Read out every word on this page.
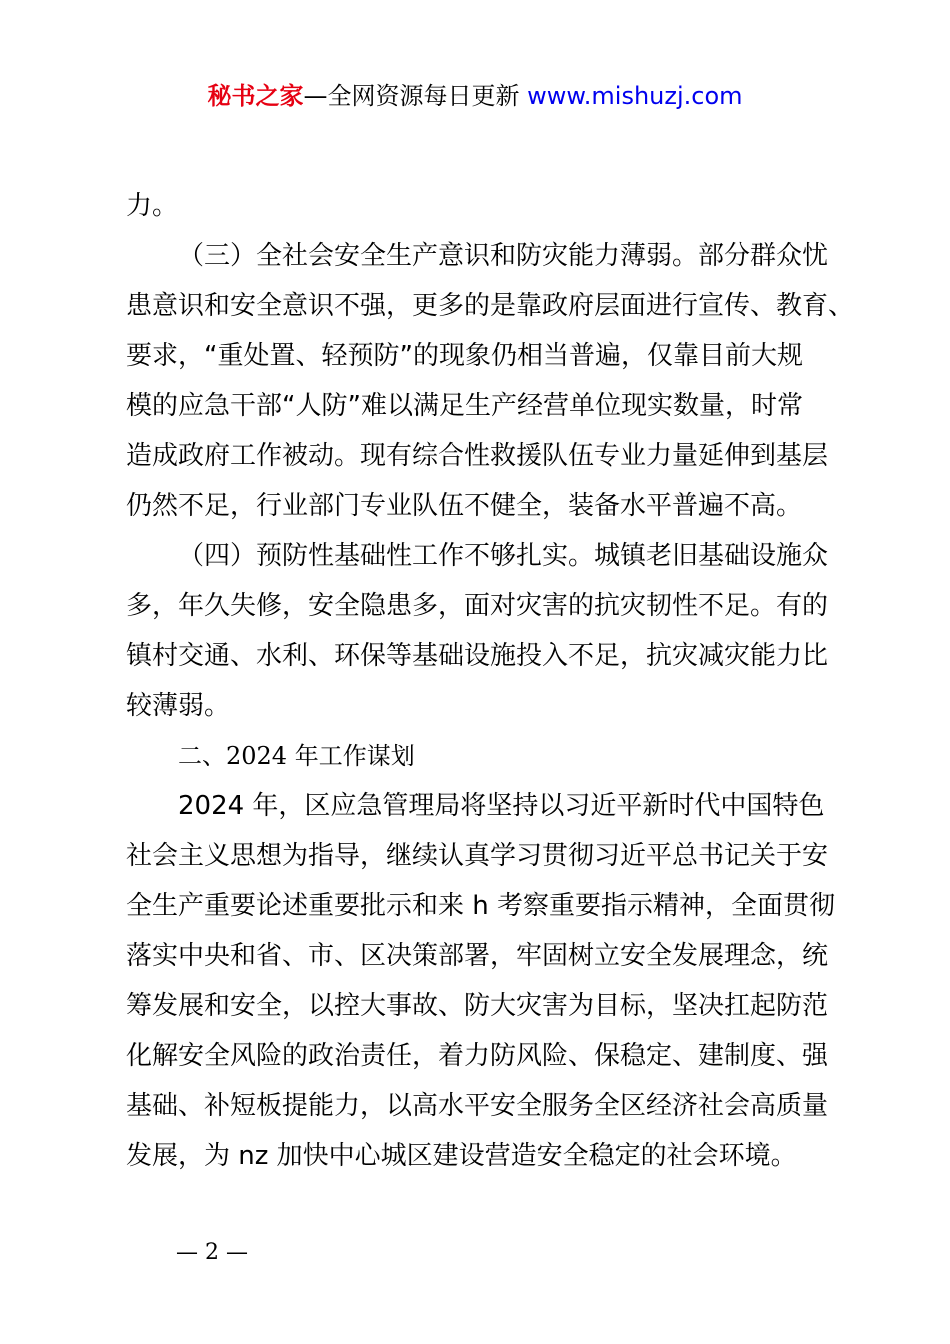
秘书之家—全网资源每日更新 www.mishuzj.com
力。
（三）全社会安全生产意识和防灾能力薄弱。部分群众忧
患意识和安全意识不强，更多的是靠政府层面进行宣传、教育、
要求，“重处置、轻预防”的现象仍相当普遍，仅靠目前大规
模的应急干部“人防”难以满足生产经营单位现实数量，时常
造成政府工作被动。现有综合性救援队伍专业力量延伸到基层
仍然不足，行业部门专业队伍不健全，装备水平普遍不高。
（四）预防性基础性工作不够扎实。城镇老旧基础设施众
多，年久失修，安全隐患多，面对灾害的抗灾韧性不足。有的
镇村交通、水利、环保等基础设施投入不足，抗灾减灾能力比
较薄弱。
二、2024 年工作谋划
2024 年，区应急管理局将坚持以习近平新时代中国特色
社会主义思想为指导，继续认真学习贯彻习近平总书记关于安
全生产重要论述重要批示和来 h 考察重要指示精神，全面贯彻
落实中央和省、市、区决策部署，牢固树立安全发展理念，统
筹发展和安全，以控大事故、防大灾害为目标，坚决扛起防范
化解安全风险的政治责任，着力防风险、保稳定、建制度、强
基础、补短板提能力，以高水平安全服务全区经济社会高质量
发展，为 nz 加快中心城区建设营造安全稳定的社会环境。
— 2 —
